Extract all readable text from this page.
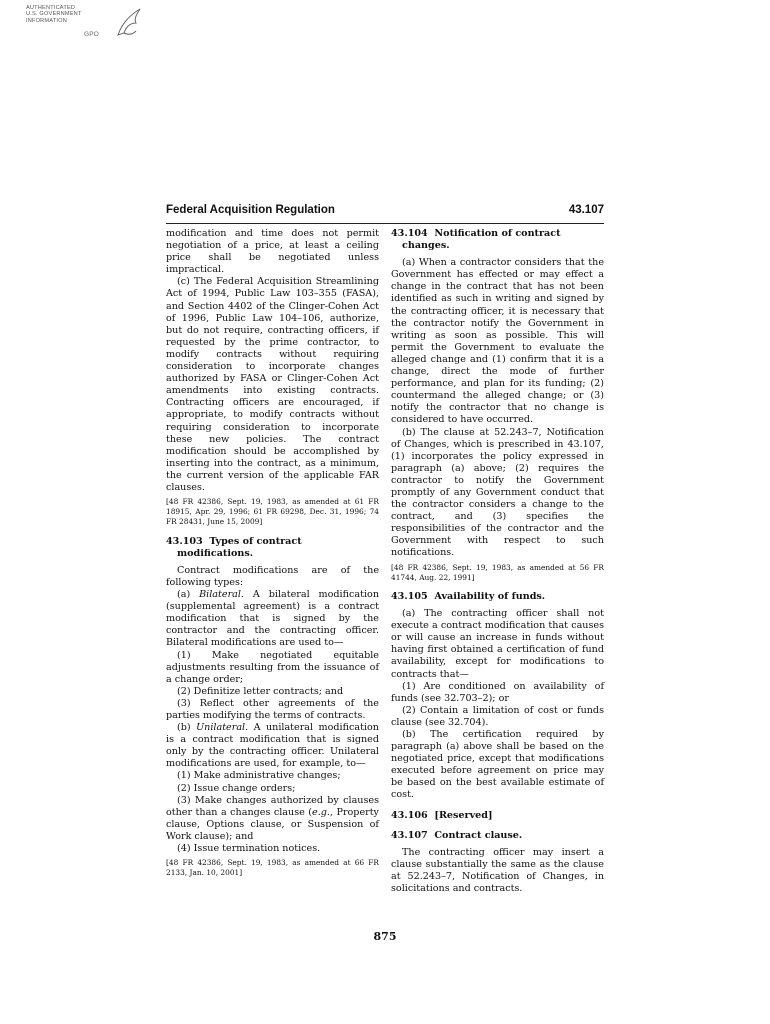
AUTHENTICATED
U.S. GOVERNMENT
INFORMATION
GPO
Federal Acquisition Regulation	43.107

modification and time does not permit negotiation of a price, at least a ceiling price shall be negotiated unless impractical.

(c) The Federal Acquisition Streamlining Act of 1994, Public Law 103–355 (FASA), and Section 4402 of the Clinger-Cohen Act of 1996, Public Law 104–106, authorize, but do not require, contracting officers, if requested by the prime contractor, to modify contracts without requiring consideration to incorporate changes authorized by FASA or Clinger-Cohen Act amendments into existing contracts. Contracting officers are encouraged, if appropriate, to modify contracts without requiring consideration to incorporate these new policies. The contract modification should be accomplished by inserting into the contract, as a minimum, the current version of the applicable FAR clauses.

[48 FR 42386, Sept. 19, 1983, as amended at 61 FR 18915, Apr. 29, 1996; 61 FR 69298, Dec. 31, 1996; 74 FR 28431, June 15, 2009]

43.103 Types of contract modifications.

Contract modifications are of the following types:

(a) Bilateral. A bilateral modification (supplemental agreement) is a contract modification that is signed by the contractor and the contracting officer. Bilateral modifications are used to—

(1) Make negotiated equitable adjustments resulting from the issuance of a change order;

(2) Definitize letter contracts; and

(3) Reflect other agreements of the parties modifying the terms of contracts.

(b) Unilateral. A unilateral modification is a contract modification that is signed only by the contracting officer. Unilateral modifications are used, for example, to—

(1) Make administrative changes;

(2) Issue change orders;

(3) Make changes authorized by clauses other than a changes clause (e.g., Property clause, Options clause, or Suspension of Work clause); and

(4) Issue termination notices.

[48 FR 42386, Sept. 19, 1983, as amended at 66 FR 2133, Jan. 10, 2001]

43.104 Notification of contract changes.

(a) When a contractor considers that the Government has effected or may effect a change in the contract that has not been identified as such in writing and signed by the contracting officer, it is necessary that the contractor notify the Government in writing as soon as possible. This will permit the Government to evaluate the alleged change and (1) confirm that it is a change, direct the mode of further performance, and plan for its funding; (2) countermand the alleged change; or (3) notify the contractor that no change is considered to have occurred.

(b) The clause at 52.243–7, Notification of Changes, which is prescribed in 43.107, (1) incorporates the policy expressed in paragraph (a) above; (2) requires the contractor to notify the Government promptly of any Government conduct that the contractor considers a change to the contract, and (3) specifies the responsibilities of the contractor and the Government with respect to such notifications.

[48 FR 42386, Sept. 19, 1983, as amended at 56 FR 41744, Aug. 22, 1991]

43.105 Availability of funds.

(a) The contracting officer shall not execute a contract modification that causes or will cause an increase in funds without having first obtained a certification of fund availability, except for modifications to contracts that—

(1) Are conditioned on availability of funds (see 32.703–2); or

(2) Contain a limitation of cost or funds clause (see 32.704).

(b) The certification required by paragraph (a) above shall be based on the negotiated price, except that modifications executed before agreement on price may be based on the best available estimate of cost.

43.106 [Reserved]

43.107 Contract clause.

The contracting officer may insert a clause substantially the same as the clause at 52.243–7, Notification of Changes, in solicitations and contracts.

875
